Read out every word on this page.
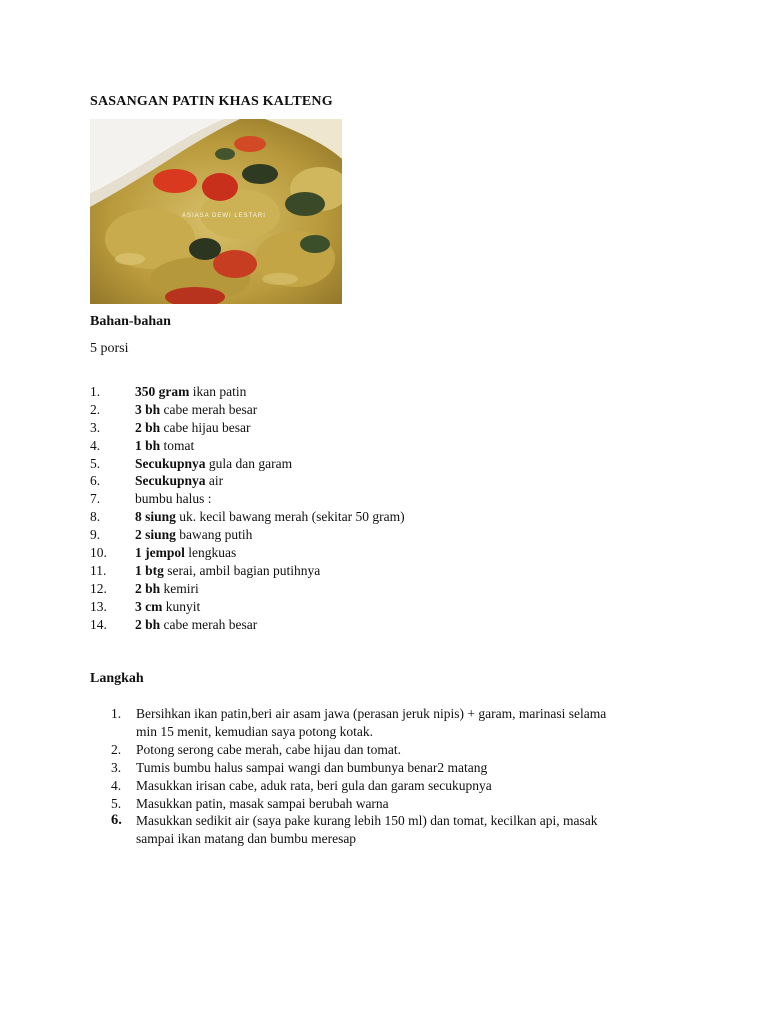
SASANGAN PATIN KHAS KALTENG
ASIASA DEWI LESTARI
Bahan-bahan
5 porsi
1.	350 gram ikan patin
2.	3 bh cabe merah besar
3.	2 bh cabe hijau besar
4.	1 bh tomat
5.	Secukupnya gula dan garam
6.	Secukupnya air
7.	bumbu halus :
8.	8 siung uk. kecil bawang merah (sekitar 50 gram)
9.	2 siung bawang putih
10.	1 jempol lengkuas
11.	1 btg serai, ambil bagian putihnya
12.	2 bh kemiri
13.	3 cm kunyit
14.	2 bh cabe merah besar
Langkah
1.	Bersihkan ikan patin,beri air asam jawa (perasan jeruk nipis) + garam, marinasi selama
min 15 menit, kemudian saya potong kotak.
2.	Potong serong cabe merah, cabe hijau dan tomat.
3.	Tumis bumbu halus sampai wangi dan bumbunya benar2 matang
4.	Masukkan irisan cabe, aduk rata, beri gula dan garam secukupnya
5.	Masukkan patin, masak sampai berubah warna
6.	Masukkan sedikit air (saya pake kurang lebih 150 ml) dan tomat, kecilkan api, masak
sampai ikan matang dan bumbu meresap
